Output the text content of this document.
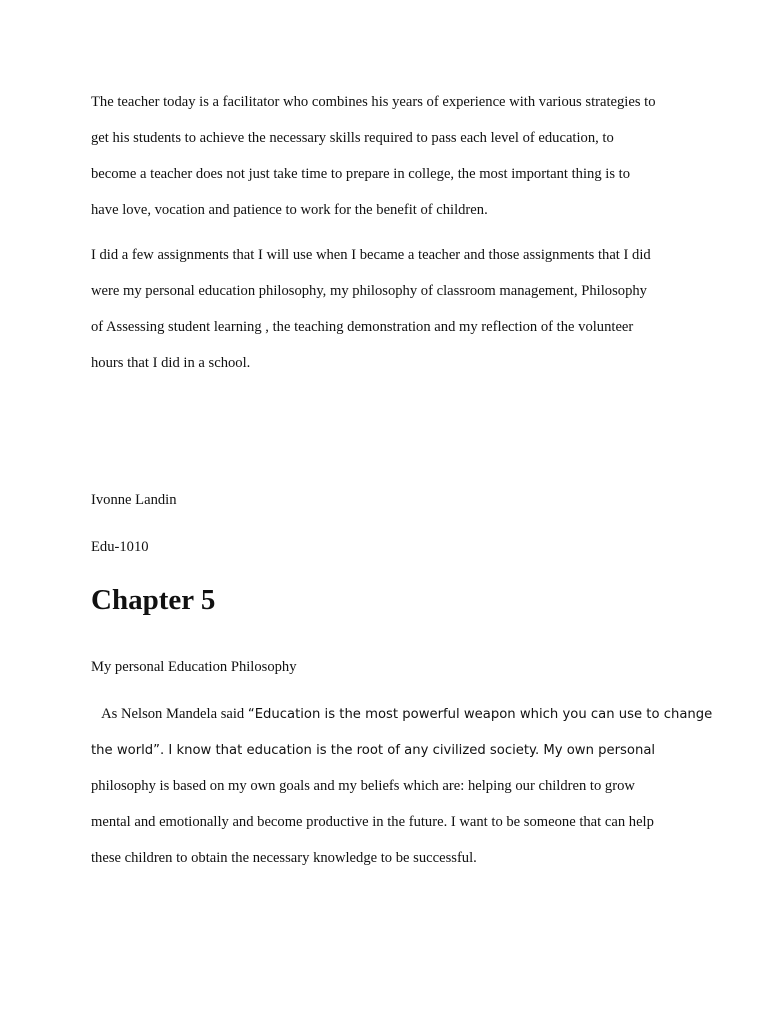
The teacher today is a facilitator who combines his years of experience with various strategies to
get his students to achieve the necessary skills required to pass each level of education, to
become a teacher does not just take time to prepare in college, the most important thing is to
have love, vocation and patience to work for the benefit of children.
I did a few assignments that I will use when I became a teacher and those assignments that I did
were my personal education philosophy, my philosophy of classroom management, Philosophy
of Assessing student learning , the teaching demonstration and my reflection of the volunteer
hours that I did in a school.

Ivonne Landin

Edu-1010

Chapter 5

My personal Education Philosophy

As Nelson Mandela said “Education is the most powerful weapon which you can use to change
the world”. I know that education is the root of any civilized society. My own personal
philosophy is based on my own goals and my beliefs which are: helping our children to grow
mental and emotionally and become productive in the future. I want to be someone that can help
these children to obtain the necessary knowledge to be successful.
